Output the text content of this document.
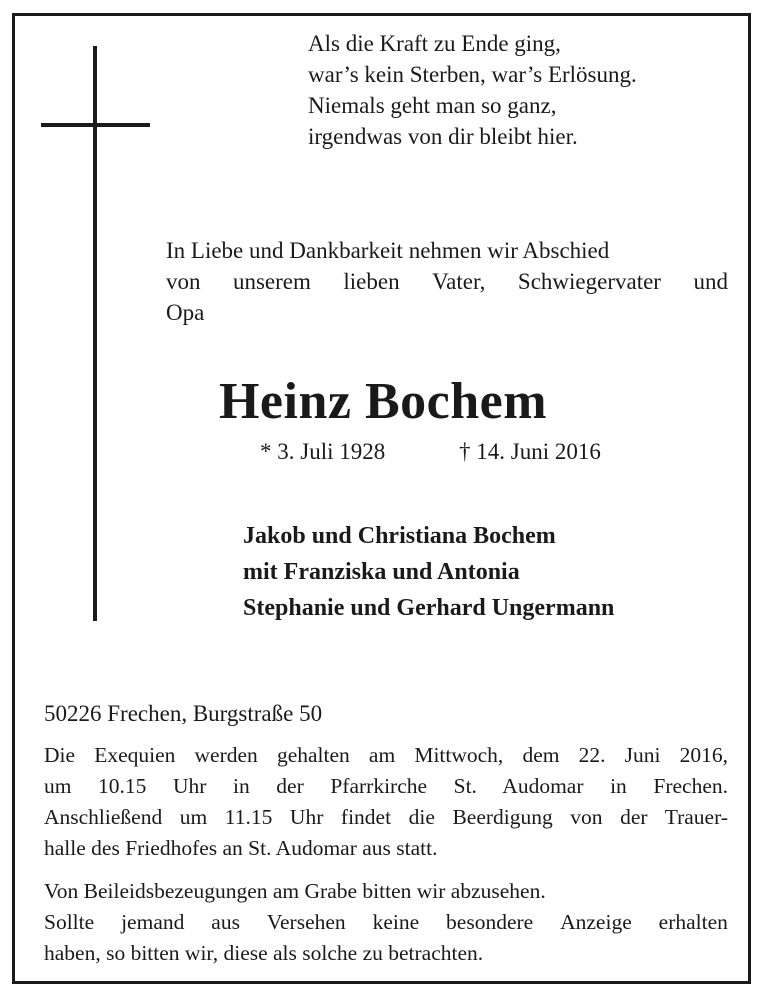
Als die Kraft zu Ende ging,
war’s kein Sterben, war’s Erlösung.
Niemals geht man so ganz,
irgendwas von dir bleibt hier.
In Liebe und Dankbarkeit nehmen wir Abschied
von unserem lieben Vater, Schwiegervater und
Opa
Heinz Bochem
* 3. Juli 1928	† 14. Juni 2016
Jakob und Christiana Bochem
mit Franziska und Antonia
Stephanie und Gerhard Ungermann
50226 Frechen, Burgstraße 50
Die Exequien werden gehalten am Mittwoch, dem 22. Juni 2016,
um 10.15 Uhr in der Pfarrkirche St. Audomar in Frechen.
Anschließend um 11.15 Uhr findet die Beerdigung von der Trauer-
halle des Friedhofes an St. Audomar aus statt.
Von Beileidsbezeugungen am Grabe bitten wir abzusehen.
Sollte jemand aus Versehen keine besondere Anzeige erhalten
haben, so bitten wir, diese als solche zu betrachten.
